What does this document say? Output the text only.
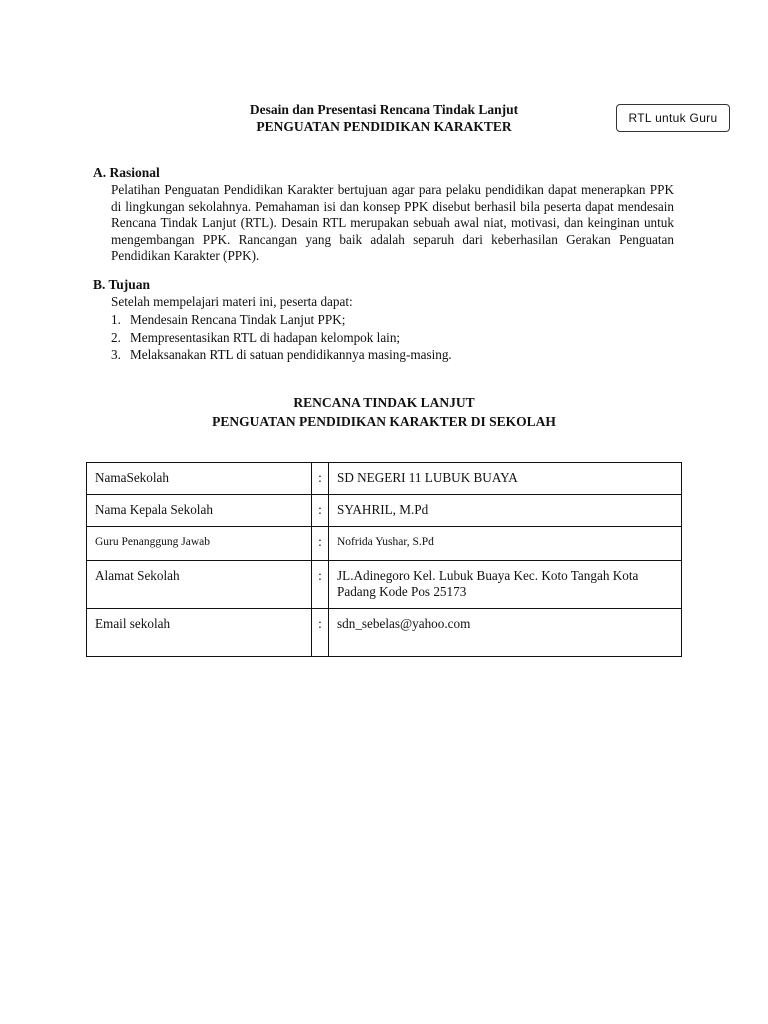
Desain dan Presentasi Rencana Tindak Lanjut
PENGUATAN PENDIDIKAN KARAKTER
RTL untuk Guru
A. Rasional
Pelatihan Penguatan Pendidikan Karakter bertujuan agar para pelaku pendidikan dapat menerapkan PPK di lingkungan sekolahnya. Pemahaman isi dan konsep PPK disebut berhasil bila peserta dapat mendesain Rencana Tindak Lanjut (RTL). Desain RTL merupakan sebuah awal niat, motivasi, dan keinginan untuk mengembangan PPK. Rancangan yang baik adalah separuh dari keberhasilan Gerakan Penguatan Pendidikan Karakter (PPK).
B. Tujuan
Setelah mempelajari materi ini, peserta dapat:
1. Mendesain Rencana Tindak Lanjut PPK;
2. Mempresentasikan RTL di hadapan kelompok lain;
3. Melaksanakan RTL di satuan pendidikannya masing-masing.
RENCANA TINDAK LANJUT
PENGUATAN PENDIDIKAN KARAKTER DI SEKOLAH
NamaSekolah	:	SD NEGERI 11 LUBUK BUAYA
Nama Kepala Sekolah	:	SYAHRIL, M.Pd
Guru Penanggung Jawab	:	Nofrida Yushar, S.Pd
Alamat Sekolah	:	JL.Adinegoro Kel. Lubuk Buaya Kec. Koto Tangah Kota Padang Kode Pos 25173
Email sekolah	:	sdn_sebelas@yahoo.com
